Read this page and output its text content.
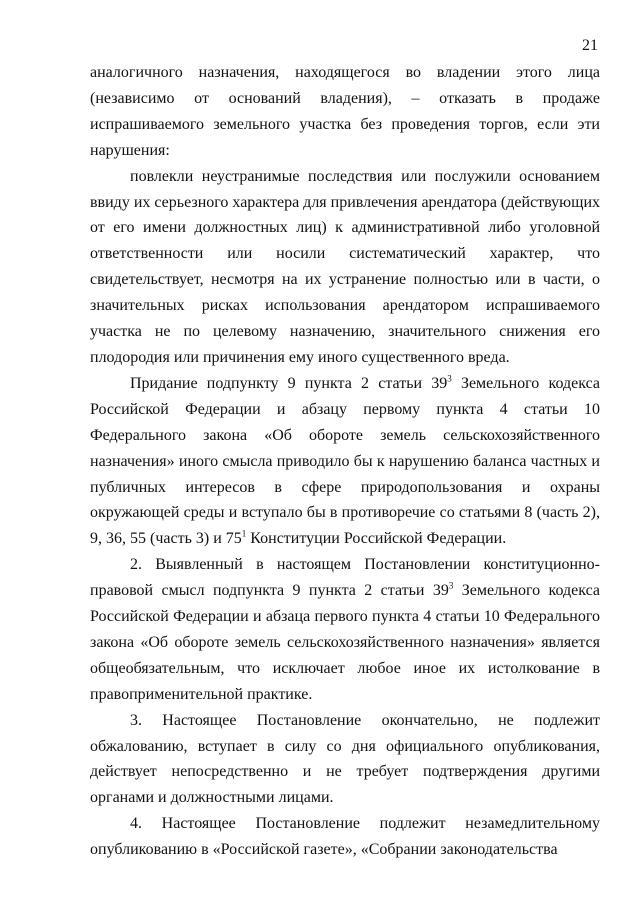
21

аналогичного назначения, находящегося во владении этого лица (независимо от оснований владения), – отказать в продаже испрашиваемого земельного участка без проведения торгов, если эти нарушения:

повлекли неустранимые последствия или послужили основанием ввиду их серьезного характера для привлечения арендатора (действующих от его имени должностных лиц) к административной либо уголовной ответственности или носили систематический характер, что свидетельствует, несмотря на их устранение полностью или в части, о значительных рисках использования арендатором испрашиваемого участка не по целевому назначению, значительного снижения его плодородия или причинения ему иного существенного вреда.

Придание подпункту 9 пункта 2 статьи $39^3$ Земельного кодекса Российской Федерации и абзацу первому пункта 4 статьи 10 Федерального закона «Об обороте земель сельскохозяйственного назначения» иного смысла приводило бы к нарушению баланса частных и публичных интересов в сфере природопользования и охраны окружающей среды и вступало бы в противоречие со статьями 8 (часть 2), 9, 36, 55 (часть 3) и $75^1$ Конституции Российской Федерации.

2. Выявленный в настоящем Постановлении конституционно-правовой смысл подпункта 9 пункта 2 статьи $39^3$ Земельного кодекса Российской Федерации и абзаца первого пункта 4 статьи 10 Федерального закона «Об обороте земель сельскохозяйственного назначения» является общеобязательным, что исключает любое иное их истолкование в правоприменительной практике.

3. Настоящее Постановление окончательно, не подлежит обжалованию, вступает в силу со дня официального опубликования, действует непосредственно и не требует подтверждения другими органами и должностными лицами.

4. Настоящее Постановление подлежит незамедлительному опубликованию в «Российской газете», «Собрании законодательства
